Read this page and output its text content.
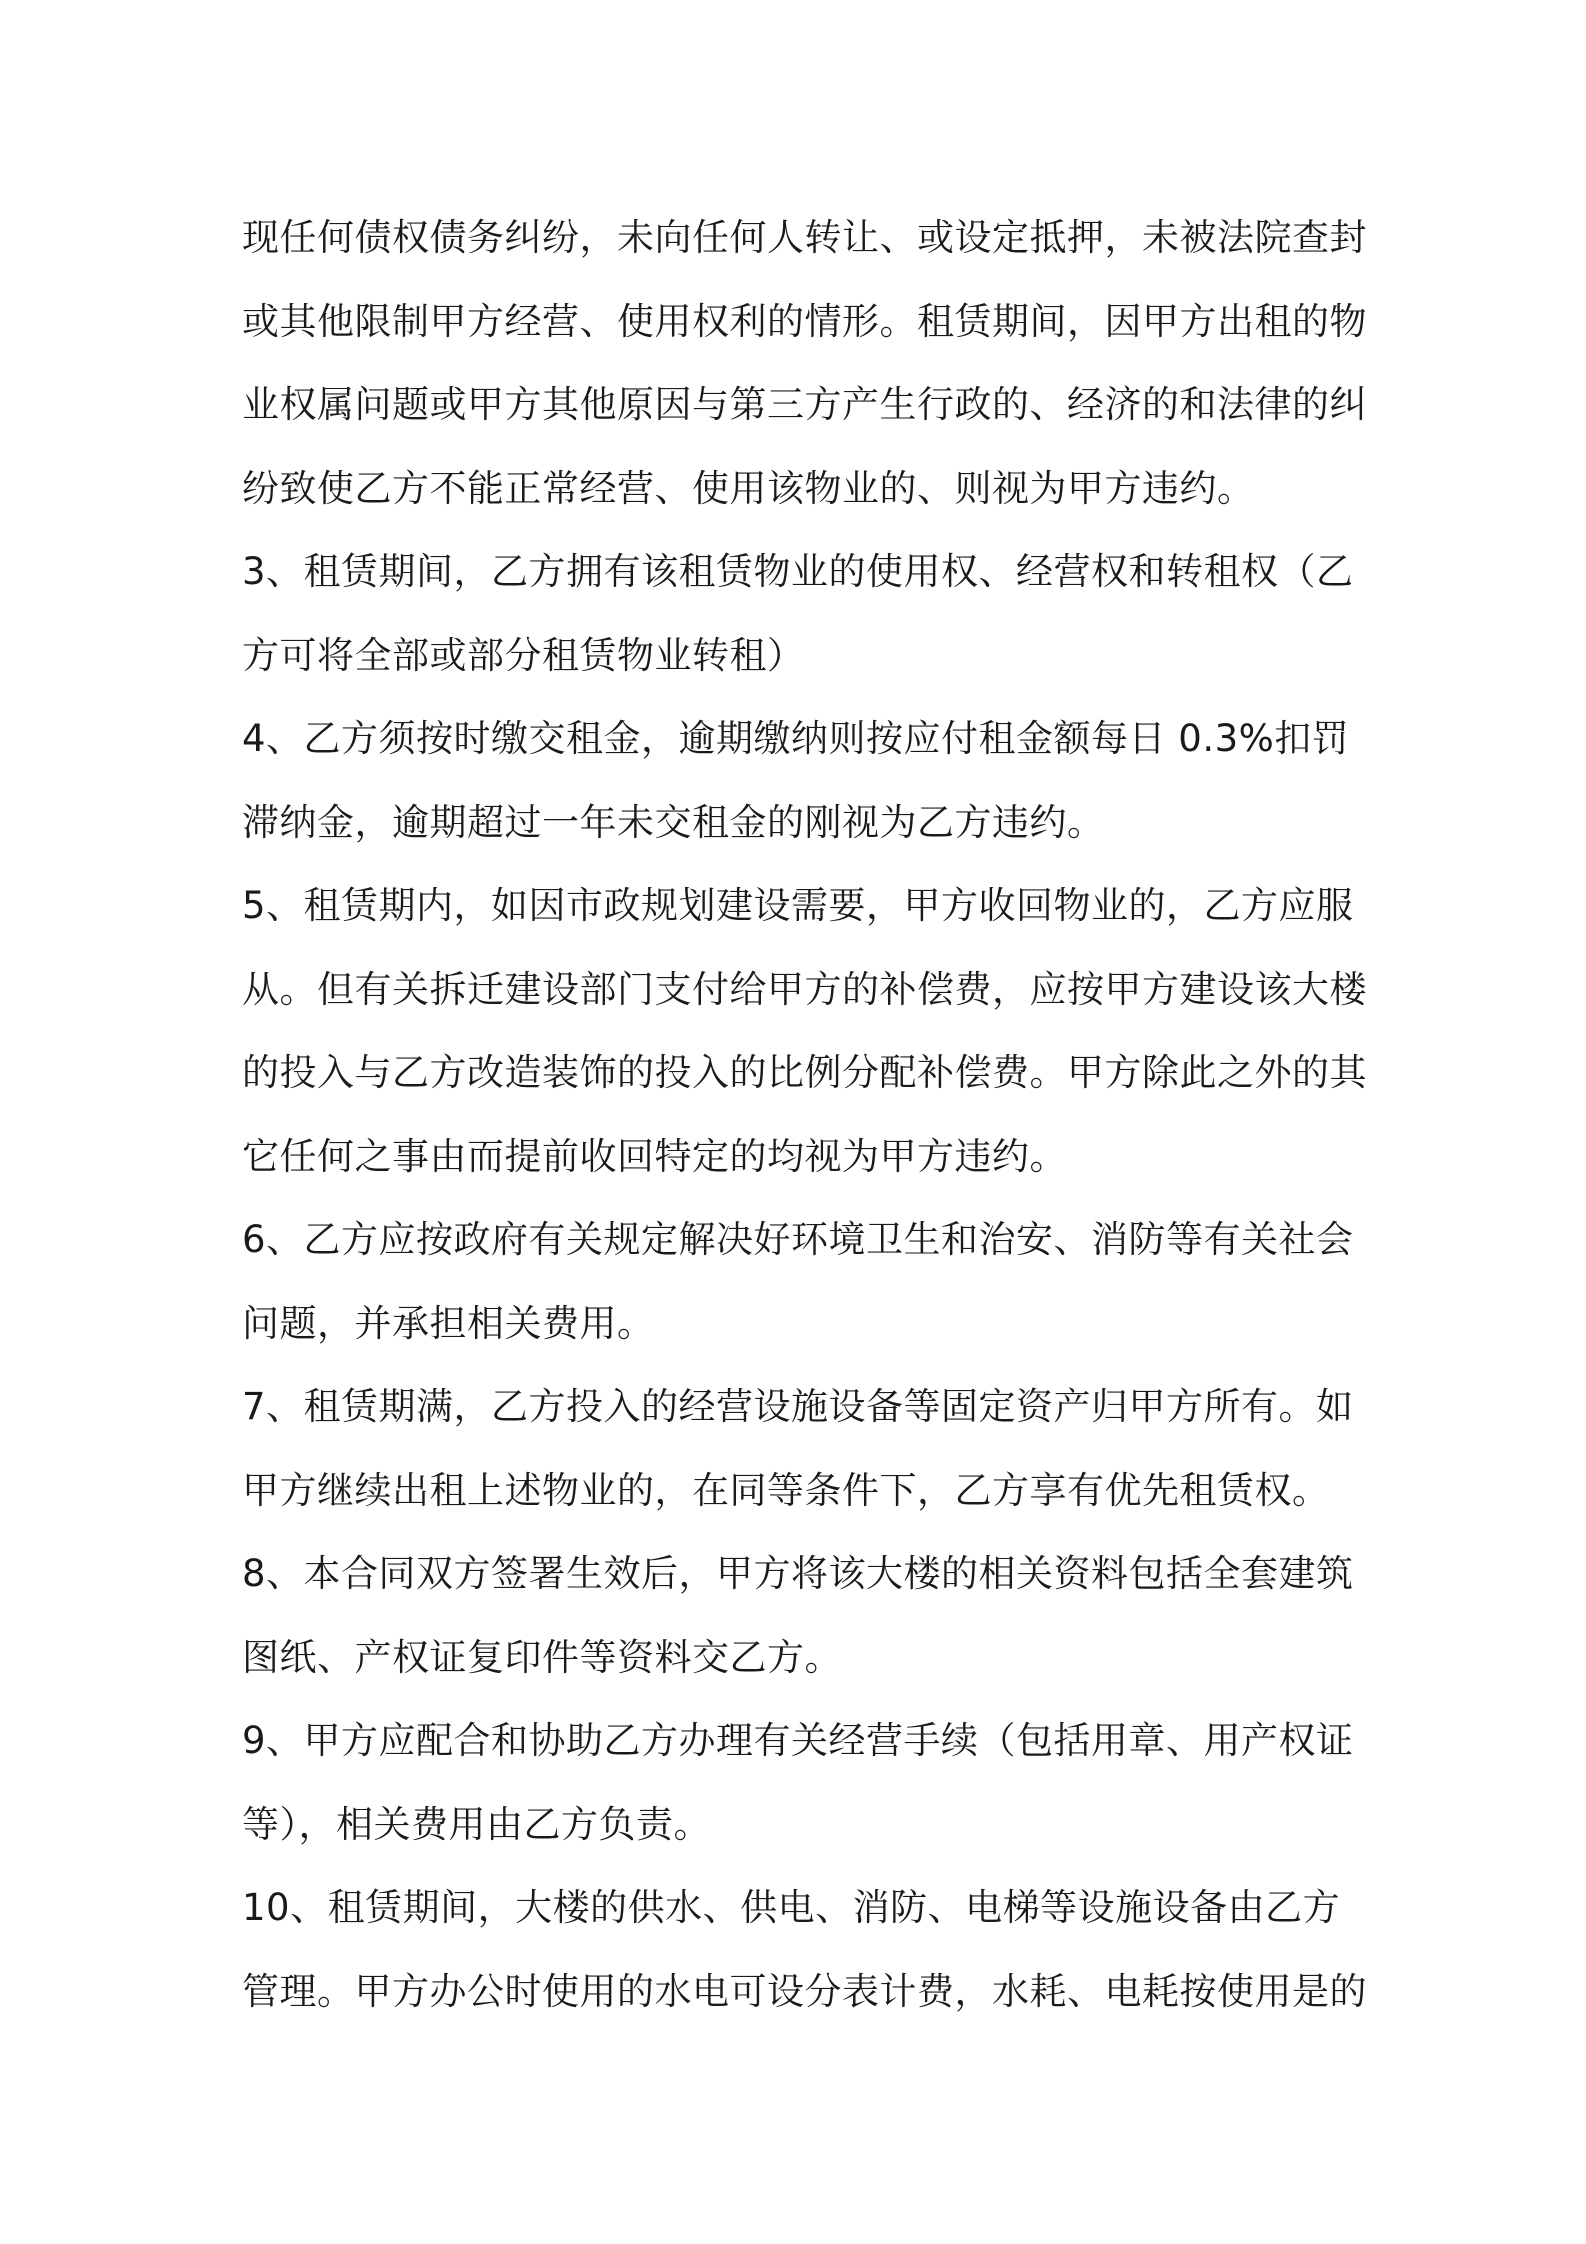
现任何债权债务纠纷，未向任何人转让、或设定抵押，未被法院查封
或其他限制甲方经营、使用权利的情形。租赁期间，因甲方出租的物
业权属问题或甲方其他原因与第三方产生行政的、经济的和法律的纠
纷致使乙方不能正常经营、使用该物业的、则视为甲方违约。
3、租赁期间，乙方拥有该租赁物业的使用权、经营权和转租权（乙
方可将全部或部分租赁物业转租）
4、乙方须按时缴交租金，逾期缴纳则按应付租金额每日 0.3%扣罚
滞纳金，逾期超过一年未交租金的刚视为乙方违约。
5、租赁期内，如因市政规划建设需要，甲方收回物业的，乙方应服
从。但有关拆迁建设部门支付给甲方的补偿费，应按甲方建设该大楼
的投入与乙方改造装饰的投入的比例分配补偿费。甲方除此之外的其
它任何之事由而提前收回特定的均视为甲方违约。
6、乙方应按政府有关规定解决好环境卫生和治安、消防等有关社会
问题，并承担相关费用。
7、租赁期满，乙方投入的经营设施设备等固定资产归甲方所有。如
甲方继续出租上述物业的，在同等条件下，乙方享有优先租赁权。
8、本合同双方签署生效后，甲方将该大楼的相关资料包括全套建筑
图纸、产权证复印件等资料交乙方。
9、甲方应配合和协助乙方办理有关经营手续（包括用章、用产权证
等），相关费用由乙方负责。
10、租赁期间，大楼的供水、供电、消防、电梯等设施设备由乙方
管理。甲方办公时使用的水电可设分表计费，水耗、电耗按使用是的
